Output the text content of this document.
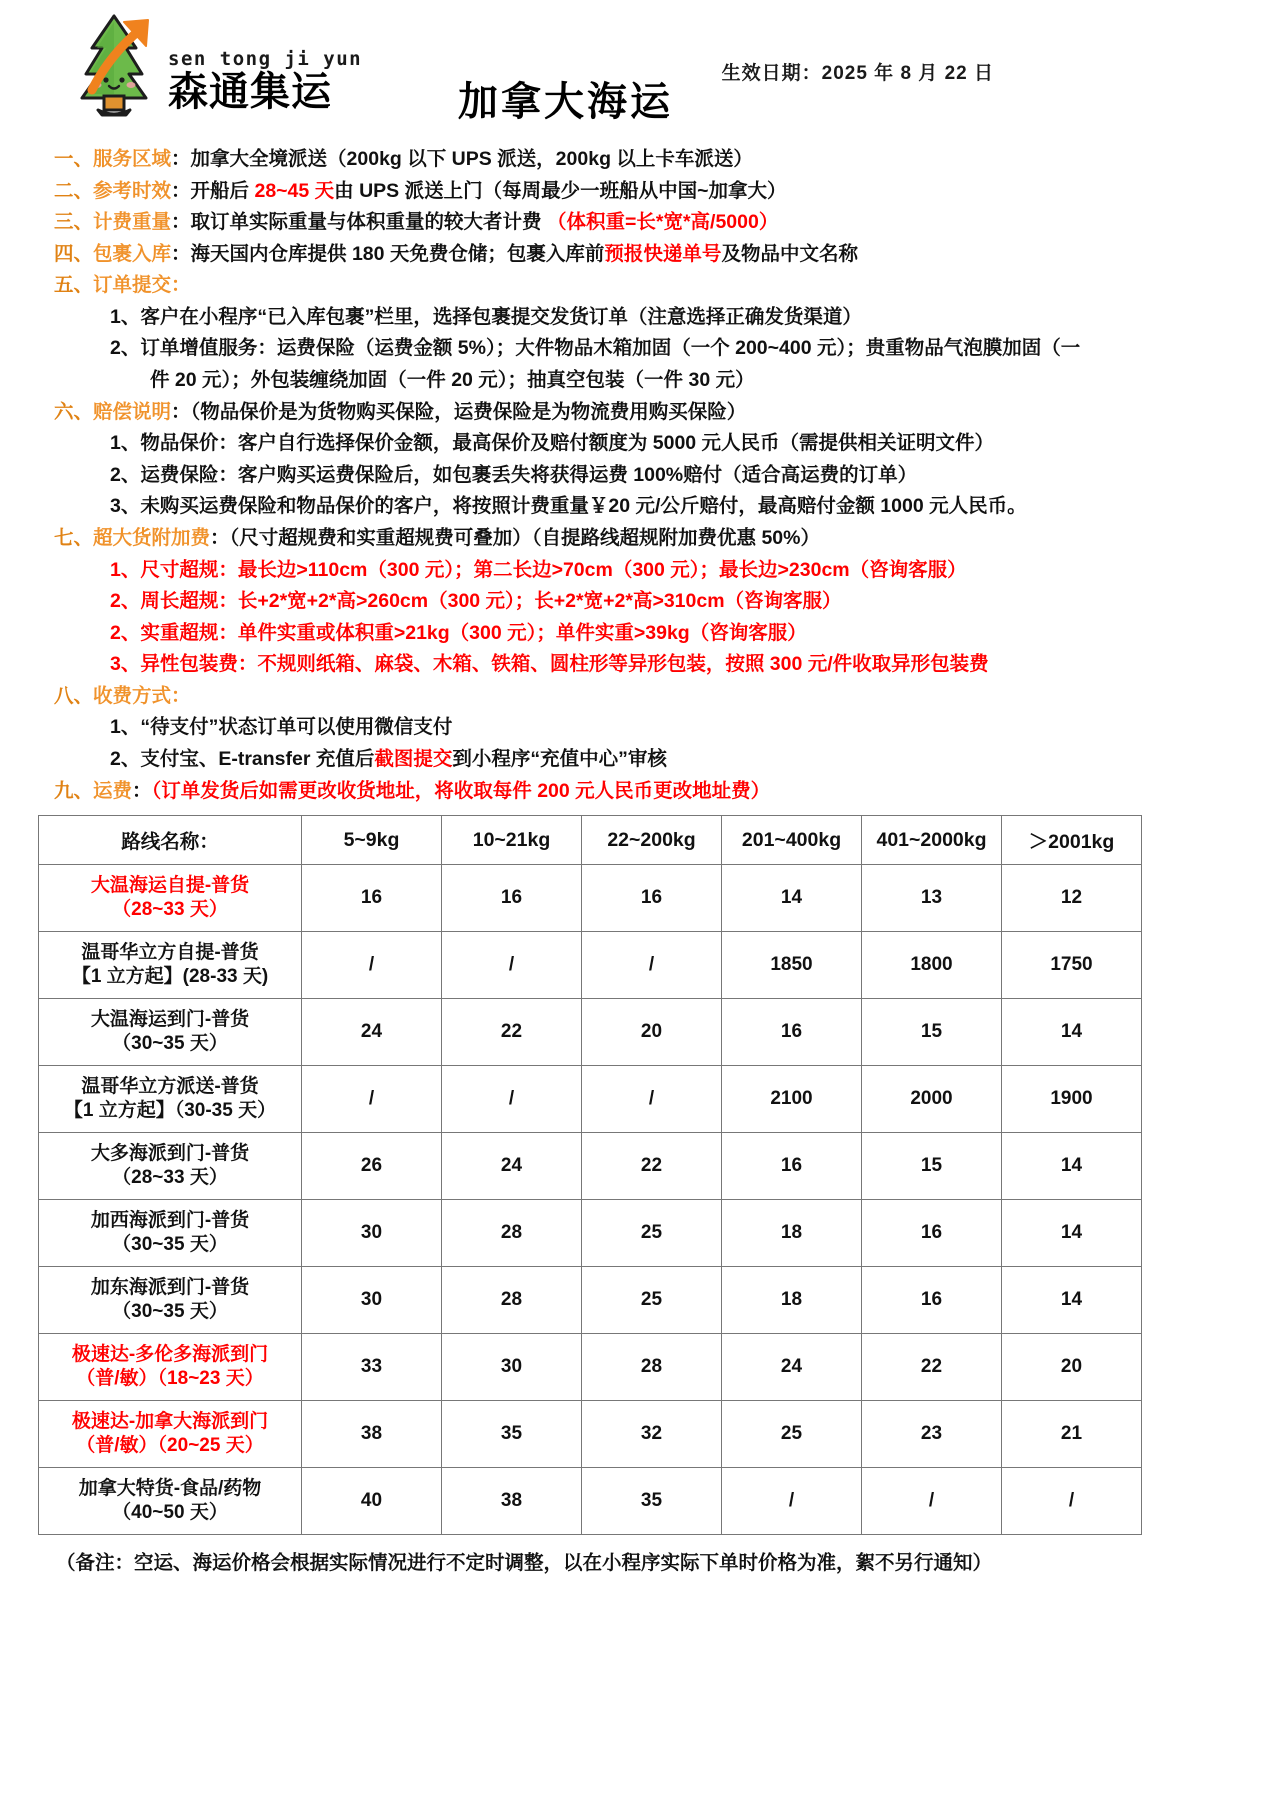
sen tong ji yun
森通集运	加拿大海运
生效日期：2025 年 8 月 22 日
一、服务区域：加拿大全境派送（200kg 以下 UPS 派送，200kg 以上卡车派送）
二、参考时效：开船后 28~45 天由 UPS 派送上门（每周最少一班船从中国~加拿大）
三、计费重量：取订单实际重量与体积重量的较大者计费 （体积重=长*宽*高/5000）
四、包裹入库：海天国内仓库提供 180 天免费仓储；包裹入库前预报快递单号及物品中文名称
五、订单提交：
1、客户在小程序“已入库包裹”栏里，选择包裹提交发货订单（注意选择正确发货渠道）
2、订单增值服务：运费保险（运费金额 5%）；大件物品木箱加固（一个 200~400 元）；贵重物品气泡膜加固（一
件 20 元）；外包装缠绕加固（一件 20 元）；抽真空包装（一件 30 元）
六、赔偿说明：（物品保价是为货物购买保险，运费保险是为物流费用购买保险）
1、物品保价：客户自行选择保价金额，最高保价及赔付额度为 5000 元人民币（需提供相关证明文件）
2、运费保险：客户购买运费保险后，如包裹丢失将获得运费 100%赔付（适合高运费的订单）
3、未购买运费保险和物品保价的客户，将按照计费重量￥20 元/公斤赔付，最高赔付金额 1000 元人民币。
七、超大货附加费：（尺寸超规费和实重超规费可叠加）（自提路线超规附加费优惠 50%）
1、尺寸超规：最长边>110cm（300 元）；第二长边>70cm（300 元）；最长边>230cm（咨询客服）
2、周长超规：长+2*宽+2*高>260cm（300 元）；长+2*宽+2*高>310cm（咨询客服）
2、实重超规：单件实重或体积重>21kg（300 元）；单件实重>39kg（咨询客服）
3、异性包装费：不规则纸箱、麻袋、木箱、铁箱、圆柱形等异形包装，按照 300 元/件收取异形包装费
八、收费方式：
1、“待支付”状态订单可以使用微信支付
2、支付宝、E-transfer 充值后截图提交到小程序“充值中心”审核
九、运费：（订单发货后如需更改收货地址，将收取每件 200 元人民币更改地址费）
路线名称：	5~9kg	10~21kg	22~200kg	201~400kg	401~2000kg	＞2001kg

大温海运自提-普货
（28~33 天）	16	16	16	14	13	12

温哥华立方自提-普货
【1 立方起】(28-33 天)	/	/	/	1850	1800	1750

大温海运到门-普货
（30~35 天）	24	22	20	16	15	14

温哥华立方派送-普货
【1 立方起】（30-35 天）	/	/	/	2100	2000	1900

大多海派到门-普货
（28~33 天）	26	24	22	16	15	14

加西海派到门-普货
（30~35 天）	30	28	25	18	16	14

加东海派到门-普货
（30~35 天）	30	28	25	18	16	14

极速达-多伦多海派到门
（普/敏）（18~23 天）	33	30	28	24	22	20

极速达-加拿大海派到门
（普/敏）（20~25 天）	38	35	32	25	23	21

加拿大特货-食品/药物
（40~50 天）	40	38	35	/	/	/
（备注：空运、海运价格会根据实际情况进行不定时调整，以在小程序实际下单时价格为准，絮不另行通知）
